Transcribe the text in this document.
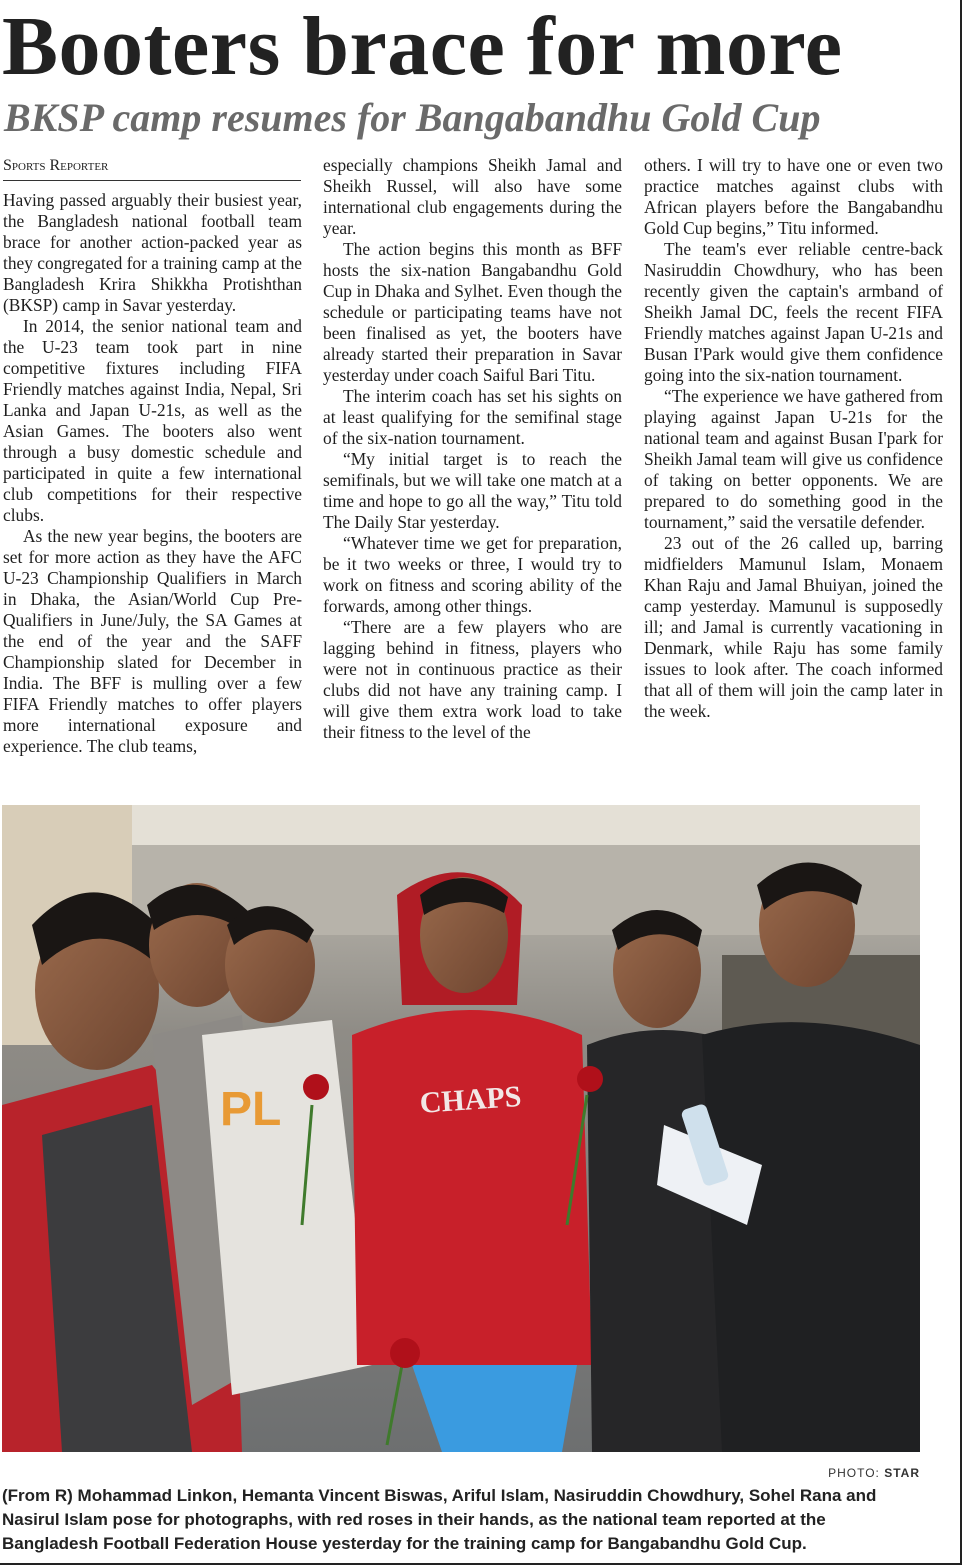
Booters brace for more
BKSP camp resumes for Bangabandhu Gold Cup
Sports Reporter

Having passed arguably their busiest year, the Bangladesh national football team brace for another action-packed year as they congregated for a training camp at the Bangladesh Krira Shikkha Protishthan (BKSP) camp in Savar yesterday.

In 2014, the senior national team and the U-23 team took part in nine competitive fixtures including FIFA Friendly matches against India, Nepal, Sri Lanka and Japan U-21s, as well as the Asian Games. The booters also went through a busy domestic schedule and participated in quite a few international club competitions for their respective clubs.

As the new year begins, the booters are set for more action as they have the AFC U-23 Championship Qualifiers in March in Dhaka, the Asian/World Cup Pre-Qualifiers in June/July, the SA Games at the end of the year and the SAFF Championship slated for December in India. The BFF is mulling over a few FIFA Friendly matches to offer players more international exposure and experience. The club teams,

especially champions Sheikh Jamal and Sheikh Russel, will also have some international club engagements during the year.

The action begins this month as BFF hosts the six-nation Bangabandhu Gold Cup in Dhaka and Sylhet. Even though the schedule or participating teams have not been finalised as yet, the booters have already started their preparation in Savar yesterday under coach Saiful Bari Titu.

The interim coach has set his sights on at least qualifying for the semifinal stage of the six-nation tournament.

“My initial target is to reach the semifinals, but we will take one match at a time and hope to go all the way,” Titu told The Daily Star yesterday.

“Whatever time we get for preparation, be it two weeks or three, I would try to work on fitness and scoring ability of the forwards, among other things.

“There are a few players who are lagging behind in fitness, players who were not in continuous practice as their clubs did not have any training camp. I will give them extra work load to take their fitness to the level of the

others. I will try to have one or even two practice matches against clubs with African players before the Bangabandhu Gold Cup begins,” Titu informed.

The team's ever reliable centre-back Nasiruddin Chowdhury, who has been recently given the captain's armband of Sheikh Jamal DC, feels the recent FIFA Friendly matches against Japan U-21s and Busan I'Park would give them confidence going into the six-nation tournament.

“The experience we have gathered from playing against Japan U-21s for the national team and against Busan I'park for Sheikh Jamal team will give us confidence of taking on better opponents. We are prepared to do something good in the tournament,” said the versatile defender.

23 out of the 26 called up, barring midfielders Mamunul Islam, Monaem Khan Raju and Jamal Bhuiyan, joined the camp yesterday. Mamunul is supposedly ill; and Jamal is currently vacationing in Denmark, while Raju has some family issues to look after. The coach informed that all of them will join the camp later in the week.

PL	CHAPS
PHOTO: STAR
(From R) Mohammad Linkon, Hemanta Vincent Biswas, Ariful Islam, Nasiruddin Chowdhury, Sohel Rana and Nasirul Islam pose for photographs, with red roses in their hands, as the national team reported at the Bangladesh Football Federation House yesterday for the training camp for Bangabandhu Gold Cup.
